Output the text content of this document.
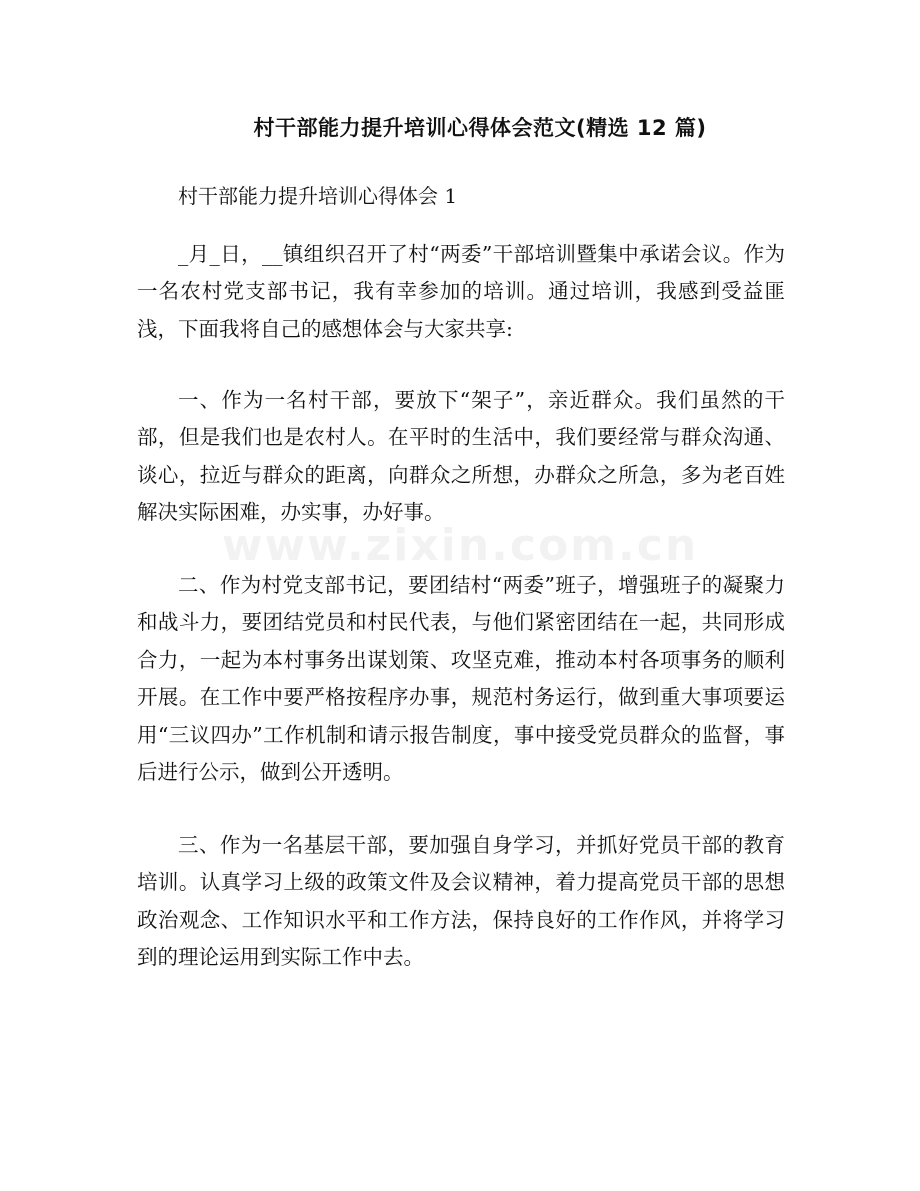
www.zixin.com.cn
村干部能力提升培训心得体会范文(精选 12 篇)

村干部能力提升培训心得体会 1

_月_日，__镇组织召开了村“两委”干部培训暨集中承诺会议。作为一名农村党支部书记，我有幸参加的培训。通过培训，我感到受益匪浅，下面我将自己的感想体会与大家共享:

一、作为一名村干部，要放下“架子”，亲近群众。我们虽然的干部，但是我们也是农村人。在平时的生活中，我们要经常与群众沟通、谈心，拉近与群众的距离，向群众之所想，办群众之所急，多为老百姓解决实际困难，办实事，办好事。

二、作为村党支部书记，要团结村“两委”班子，增强班子的凝聚力和战斗力，要团结党员和村民代表，与他们紧密团结在一起，共同形成合力，一起为本村事务出谋划策、攻坚克难，推动本村各项事务的顺利开展。在工作中要严格按程序办事，规范村务运行，做到重大事项要运用“三议四办”工作机制和请示报告制度，事中接受党员群众的监督，事后进行公示，做到公开透明。

三、作为一名基层干部，要加强自身学习，并抓好党员干部的教育培训。认真学习上级的政策文件及会议精神，着力提高党员干部的思想政治观念、工作知识水平和工作方法，保持良好的工作作风，并将学习到的理论运用到实际工作中去。
